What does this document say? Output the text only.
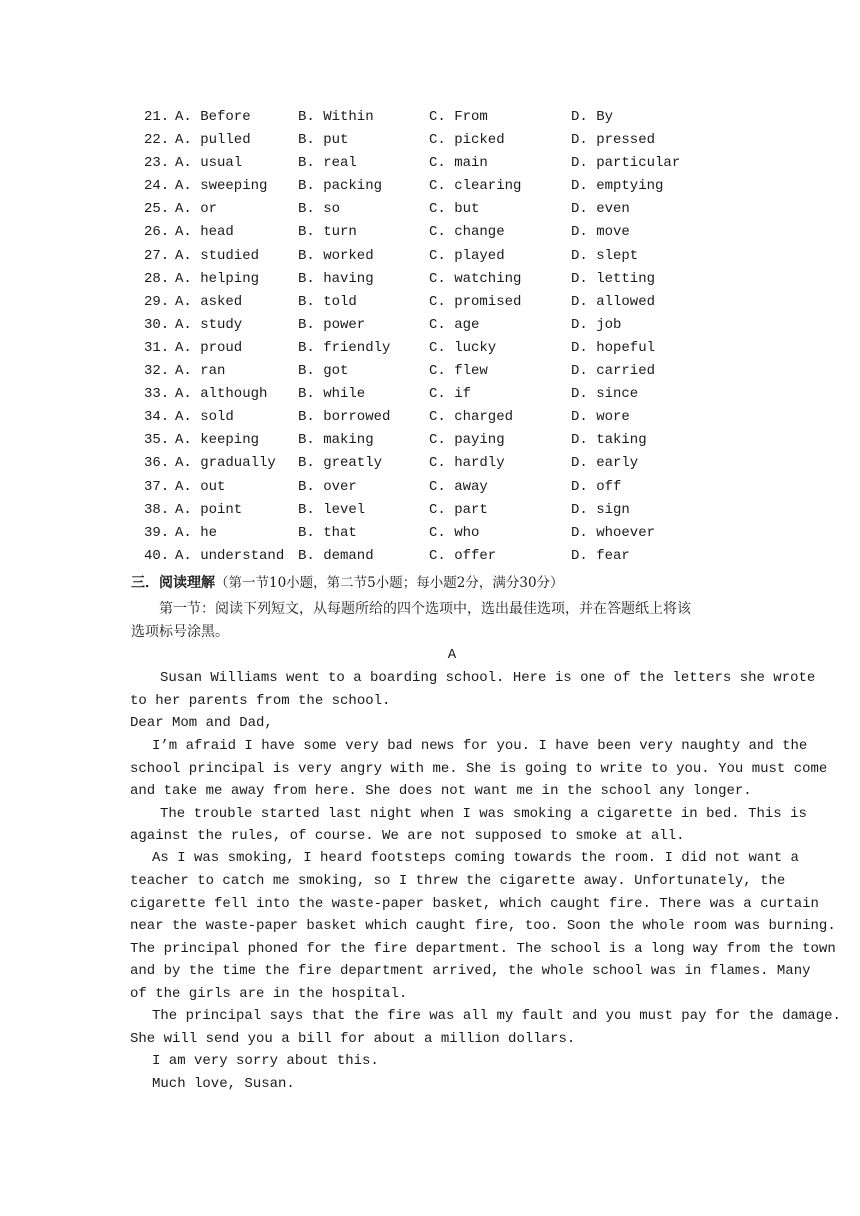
21. A. Before	B. Within	C. From	D. By
22. A. pulled	B. put	C. picked	D. pressed
23. A. usual	B. real	C. main	D. particular
24. A. sweeping B. packing	C. clearing	D. emptying
25. A. or	B. so	C. but	D. even
26. A. head	B. turn	C. change	D. move
27. A. studied	B. worked	C. played	D. slept
28. A. helping	B. having	C. watching	D. letting
29. A. asked	B. told	C. promised	D. allowed
30. A. study	B. power	C. age	D. job
31. A. proud	B. friendly	C. lucky	D. hopeful
32. A. ran	B. got	C. flew	D. carried
33. A. although B. while	C. if	D. since
34. A. sold	B. borrowed	C. charged	D. wore
35. A. keeping	B. making	C. paying	D. taking
36. A. gradually B. greatly	C. hardly	D. early
37. A. out	B. over	C. away	D. off
38. A. point	B. level	C. part	D. sign
39. A. he	B. that	C. who	D. whoever
40. A. understand B. demand	C. offer	D. fear
三．阅读理解（第一节10小题，第二节5小题；每小题2分，满分30分）
第一节：阅读下列短文，从每题所给的四个选项中，选出最佳选项，并在答题纸上将该
选项标号涂黑。
A
Susan Williams went to a boarding school. Here is one of the letters she wrote
to her parents from the school.
Dear Mom and Dad,
I’m afraid I have some very bad news for you. I have been very naughty and the
school principal is very angry with me. She is going to write to you. You must come
and take me away from here. She does not want me in the school any longer.
The trouble started last night when I was smoking a cigarette in bed. This is
against the rules, of course. We are not supposed to smoke at all.
As I was smoking, I heard footsteps coming towards the room. I did not want a
teacher to catch me smoking, so I threw the cigarette away. Unfortunately, the
cigarette fell into the waste-paper basket, which caught fire. There was a curtain
near the waste-paper basket which caught fire, too. Soon the whole room was burning.
The principal phoned for the fire department. The school is a long way from the town
and by the time the fire department arrived, the whole school was in flames. Many
of the girls are in the hospital.
The principal says that the fire was all my fault and you must pay for the damage.
She will send you a bill for about a million dollars.
I am very sorry about this.
Much love, Susan.
